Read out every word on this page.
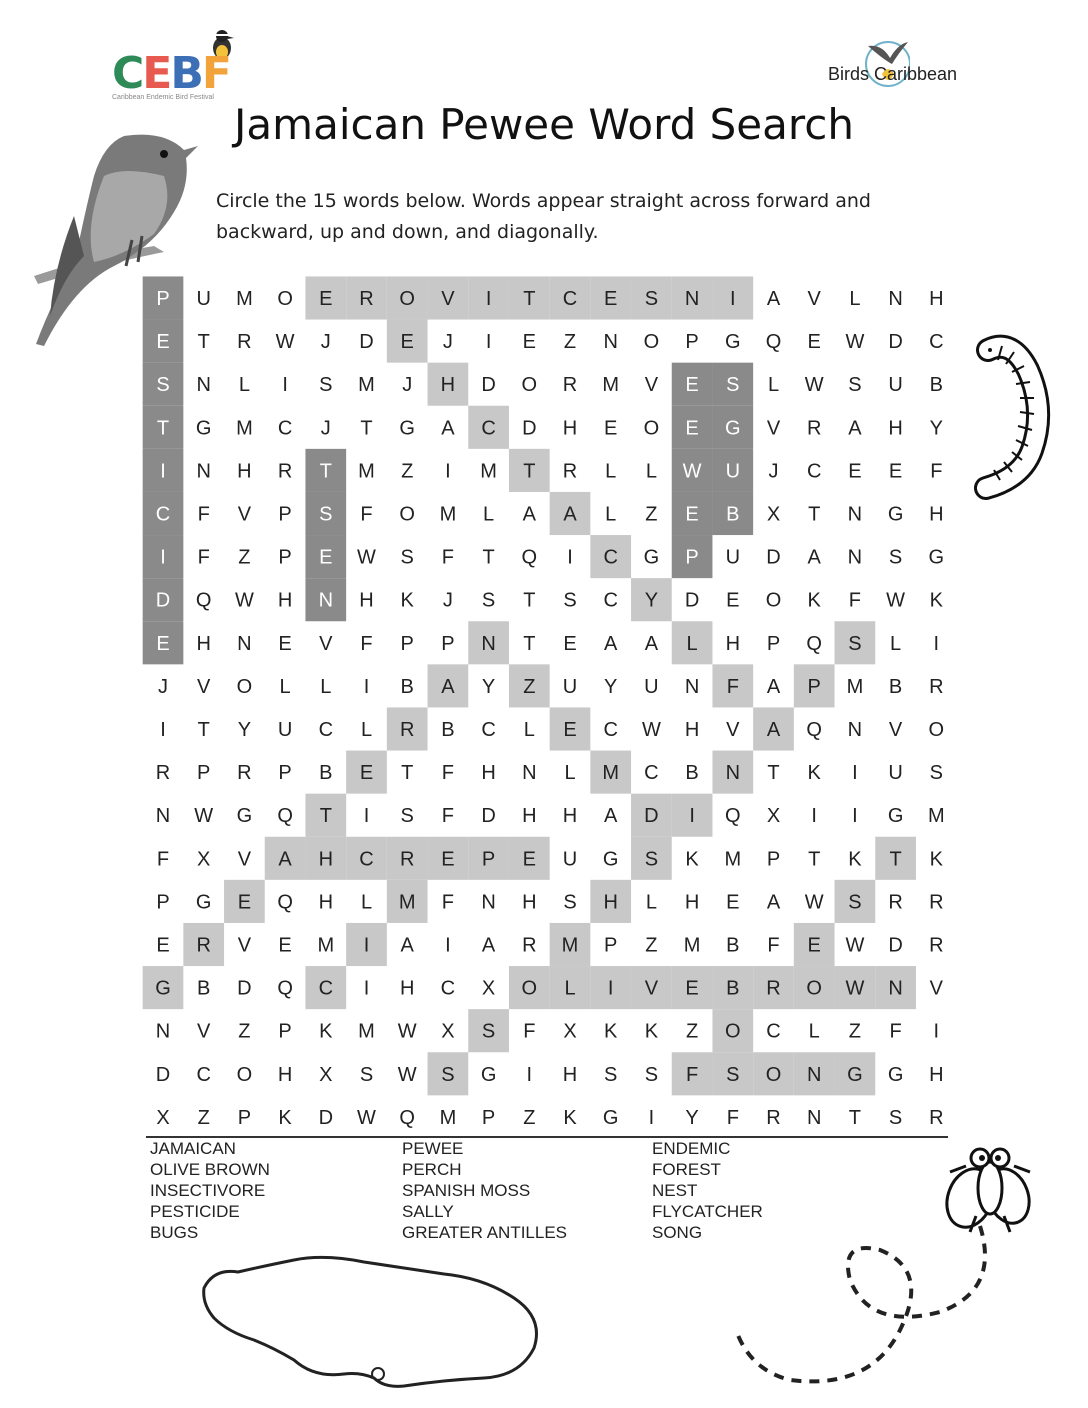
CEBF
Caribbean Endemic Bird Festival
Birds Caribbean
Jamaican Pewee Word Search
Circle the 15 words below. Words appear straight across forward and backward, up and down, and diagonally.
P U M O E R O V I T C E S N I A V L N H
E T R W J D E J I E Z N O P G Q E W D C
S N L I S M J H D O R M V E S L W S U B
T G M C J T G A C D H E O E G V R A H Y
I N H R T M Z I M T R L L W U J C E E F
C F V P S F O M L A A L Z E B X T N G H
I F Z P E W S F T Q I C G P U D A N S G
D Q W H N H K J S T S C Y D E O K F W K
E H N E V F P P N T E A A L H P Q S L I
J V O L L I B A Y Z U Y U N F A P M B R
I T Y U C L R B C L E C W H V A Q N V O
R P R P B E T F H N L M C B N T K I U S
N W G Q T I S F D H H A D I Q X I I G M
F X V A H C R E P E U G S K M P T K T K
P G E Q H L M F N H S H L H E A W S R R
E R V E M I A I A R M P Z M B F E W D R
G B D Q C I H C X O L I V E B R O W N V
N V Z P K M W X S F X K K Z O C L Z F I
D C O H X S W S G I H S S F S O N G G H
X Z P K D W Q M P Z K G I Y F R N T S R
JAMAICAN
OLIVE BROWN
INSECTIVORE
PESTICIDE
BUGS
PEWEE
PERCH
SPANISH MOSS
SALLY
GREATER ANTILLES
ENDEMIC
FOREST
NEST
FLYCATCHER
SONG
